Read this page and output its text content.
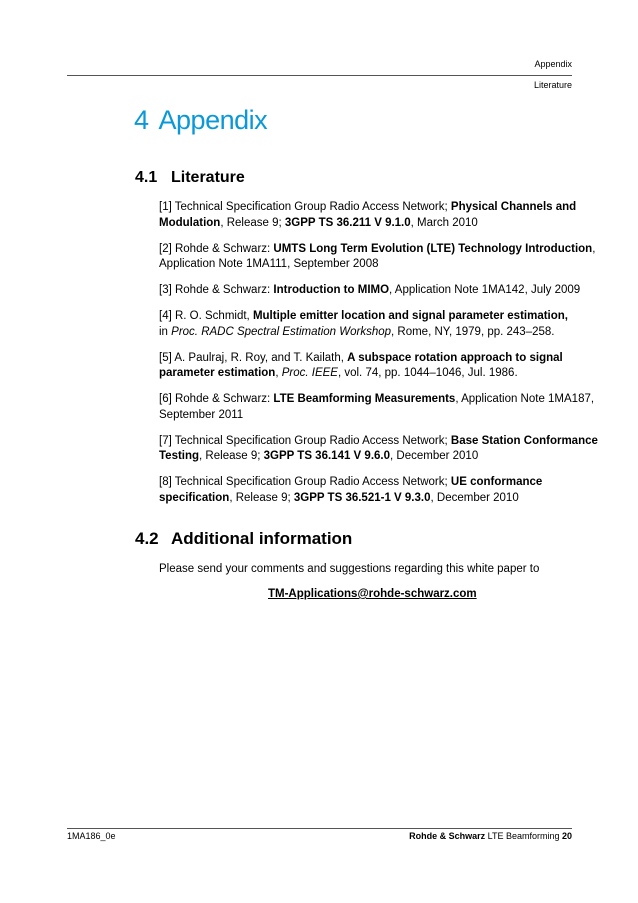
Appendix
Literature
4 Appendix
4.1 Literature

[1] Technical Specification Group Radio Access Network; Physical Channels and
Modulation, Release 9; 3GPP TS 36.211 V 9.1.0, March 2010

[2] Rohde & Schwarz: UMTS Long Term Evolution (LTE) Technology Introduction,
Application Note 1MA111, September 2008

[3] Rohde & Schwarz: Introduction to MIMO, Application Note 1MA142, July 2009

[4] R. O. Schmidt, Multiple emitter location and signal parameter estimation,
in Proc. RADC Spectral Estimation Workshop, Rome, NY, 1979, pp. 243–258.

[5] A. Paulraj, R. Roy, and T. Kailath, A subspace rotation approach to signal
parameter estimation, Proc. IEEE, vol. 74, pp. 1044–1046, Jul. 1986.

[6] Rohde & Schwarz: LTE Beamforming Measurements, Application Note 1MA187,
September 2011

[7] Technical Specification Group Radio Access Network; Base Station Conformance
Testing, Release 9; 3GPP TS 36.141 V 9.6.0, December 2010

[8] Technical Specification Group Radio Access Network; UE conformance
specification, Release 9; 3GPP TS 36.521-1 V 9.3.0, December 2010

4.2 Additional information

Please send your comments and suggestions regarding this white paper to

TM-Applications@rohde-schwarz.com
1MA186_0e	Rohde & Schwarz LTE Beamforming 20
